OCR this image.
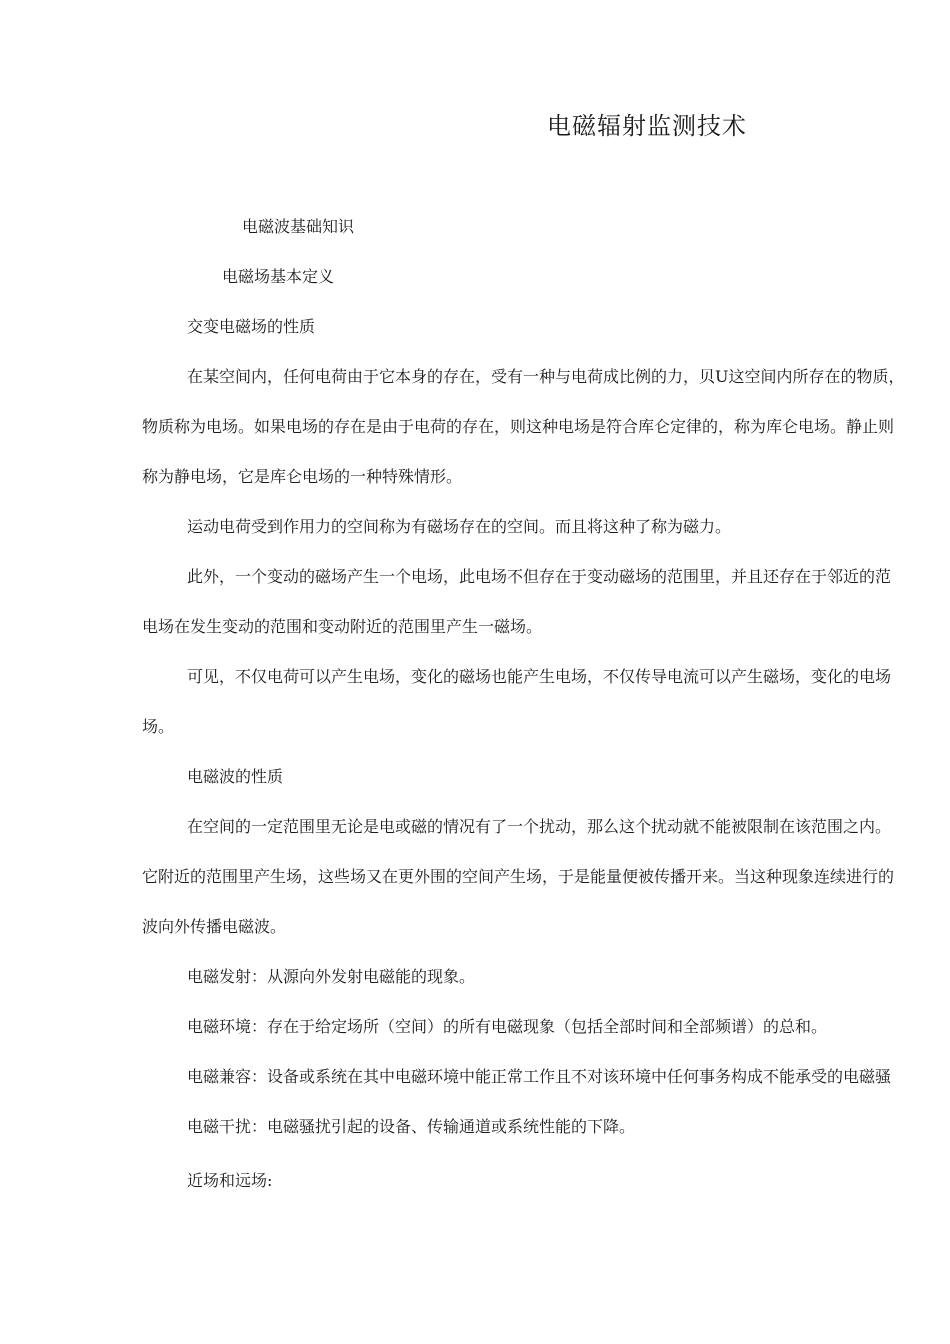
电磁辐射监测技术
电磁波基础知识
电磁场基本定义
交变电磁场的性质
在某空间内，任何电荷由于它本身的存在，受有一种与电荷成比例的力，贝U这空间内所存在的物质，
物质称为电场。如果电场的存在是由于电荷的存在，则这种电场是符合库仑定律的，称为库仑电场。静止则
称为静电场，它是库仑电场的一种特殊情形。
运动电荷受到作用力的空间称为有磁场存在的空间。而且将这种了称为磁力。
此外，一个变动的磁场产生一个电场，此电场不但存在于变动磁场的范围里，并且还存在于邻近的范
电场在发生变动的范围和变动附近的范围里产生一磁场。
可见，不仅电荷可以产生电场，变化的磁场也能产生电场，不仅传导电流可以产生磁场，变化的电场
场。
电磁波的性质
在空间的一定范围里无论是电或磁的情况有了一个扰动，那么这个扰动就不能被限制在该范围之内。
它附近的范围里产生场，这些场又在更外围的空间产生场，于是能量便被传播开来。当这种现象连续进行的
波向外传播电磁波。
电磁发射：从源向外发射电磁能的现象。
电磁环境：存在于给定场所（空间）的所有电磁现象（包括全部时间和全部频谱）的总和。
电磁兼容：设备或系统在其中电磁环境中能正常工作且不对该环境中任何事务构成不能承受的电磁骚
电磁干扰：电磁骚扰引起的设备、传输通道或系统性能的下降。
近场和远场:
